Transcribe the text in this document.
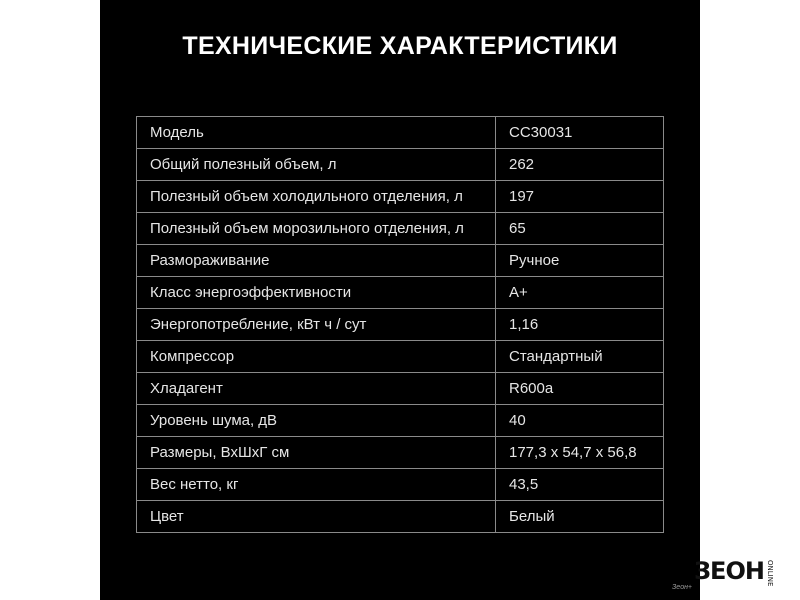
ТЕХНИЧЕСКИЕ ХАРАКТЕРИСТИКИ
Модель	CC30031
Общий полезный объем, л	262
Полезный объем холодильного отделения, л	197
Полезный объем морозильного отделения, л	65
Размораживание	Ручное
Класс энергоэффективности	A+
Энергопотребление, кВт ч / сут	1,16
Компрессор	Стандартный
Хладагент	R600a
Уровень шума, дВ	40
Размеры, ВхШхГ см	177,3 х 54,7 х 56,8
Вес нетто, кг	43,5
Цвет	Белый
ЗЕОН ONLINE
Зеон+
